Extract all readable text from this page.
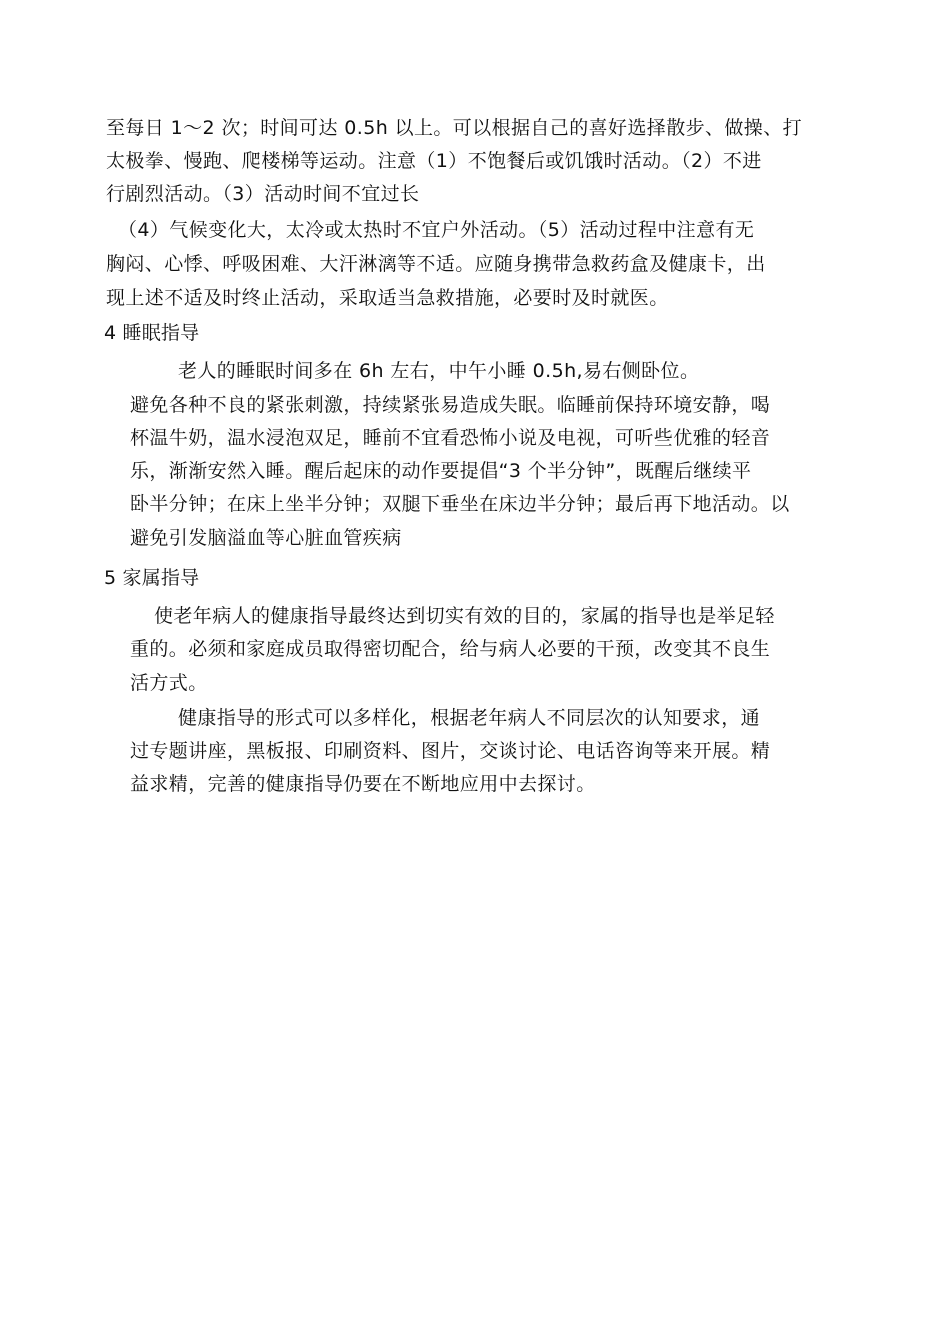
至每日 1～2 次；时间可达 0.5h 以上。可以根据自己的喜好选择散步、做操、打
太极拳、慢跑、爬楼梯等运动。注意（1）不饱餐后或饥饿时活动。（2）不进
行剧烈活动。（3）活动时间不宜过长
（4）气候变化大，太冷或太热时不宜户外活动。（5）活动过程中注意有无
胸闷、心悸、呼吸困难、大汗淋漓等不适。应随身携带急救药盒及健康卡，出
现上述不适及时终止活动，采取适当急救措施，必要时及时就医。
4 睡眠指导
老人的睡眠时间多在 6h 左右，中午小睡 0.5h,易右侧卧位。
避免各种不良的紧张刺激，持续紧张易造成失眠。临睡前保持环境安静，喝
杯温牛奶，温水浸泡双足，睡前不宜看恐怖小说及电视，可听些优雅的轻音
乐，渐渐安然入睡。醒后起床的动作要提倡“3 个半分钟”，既醒后继续平
卧半分钟；在床上坐半分钟；双腿下垂坐在床边半分钟；最后再下地活动。以
避免引发脑溢血等心脏血管疾病
5 家属指导
使老年病人的健康指导最终达到切实有效的目的，家属的指导也是举足轻
重的。必须和家庭成员取得密切配合，给与病人必要的干预，改变其不良生
活方式。
健康指导的形式可以多样化，根据老年病人不同层次的认知要求，通
过专题讲座，黑板报、印刷资料、图片，交谈讨论、电话咨询等来开展。精
益求精，完善的健康指导仍要在不断地应用中去探讨。
